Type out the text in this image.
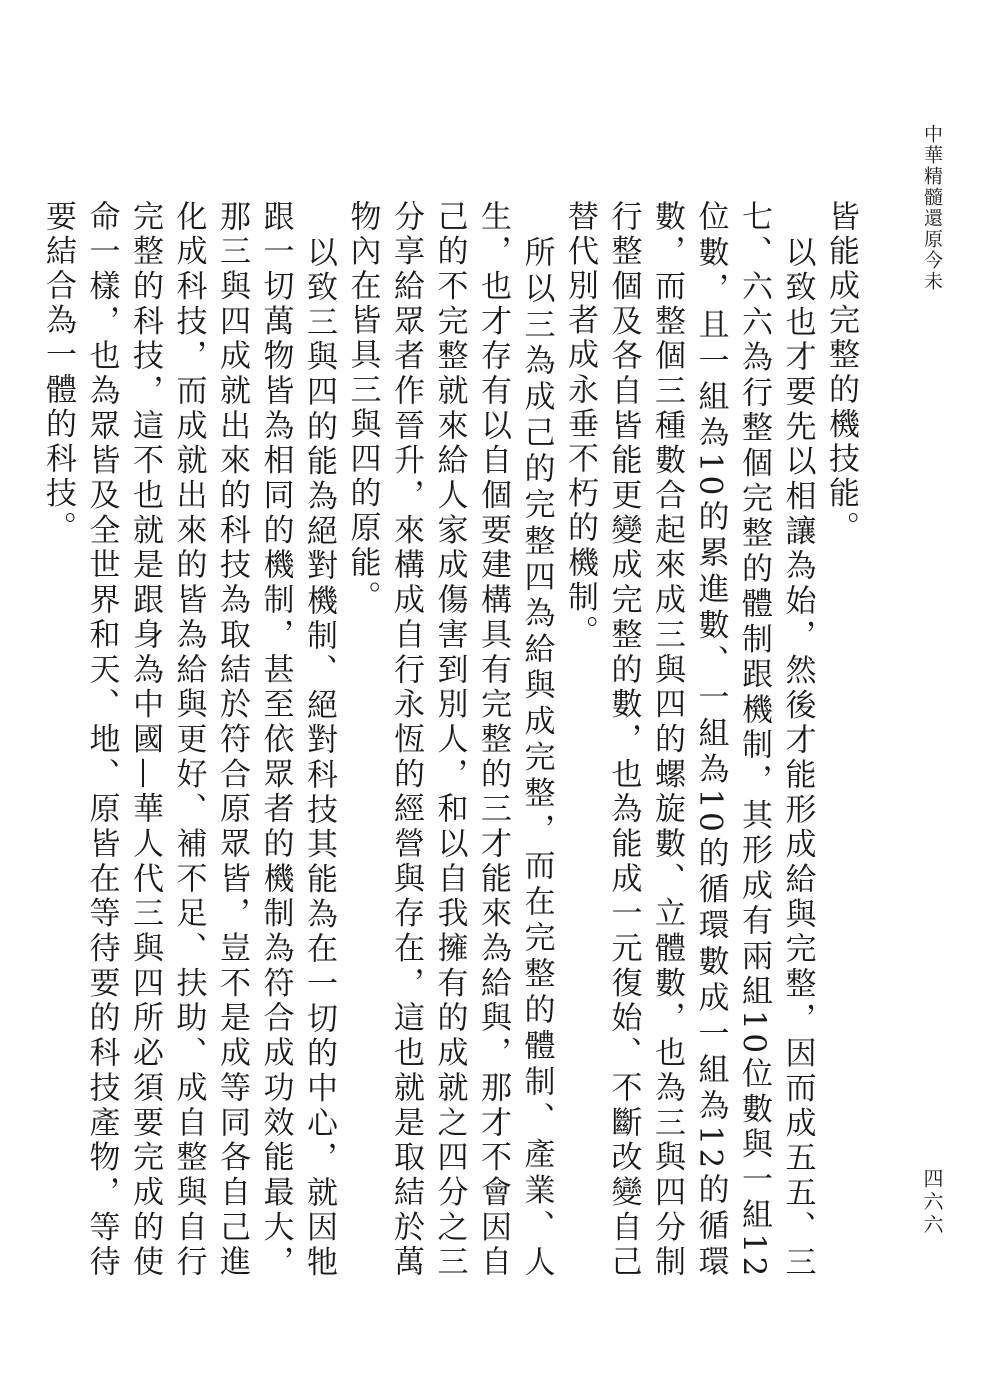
中華精髓還原今未

皆能成完整的機技能。

以致也才要先以相讓為始，然後才能形成給與完整，因而成五五、三七、六六為行整個完整的體制跟機制，其形成有兩組10位數與一組12位數，且一組為10的累進數、一組為10的循環數成一組為12的循環數，而整個三種數合起來成三與四的螺旋數、立體數，也為三與四分制行整個及各自皆能更變成完整的數，也為能成一元復始、不斷改變自己替代別者成永垂不朽的機制。

所以三為成己的完整四為給與成完整，而在完整的體制、產業、人生，也才存有以自個要建構具有完整的三才能來為給與，那才不會因自己的不完整就來給人家成傷害到別人，和以自我擁有的成就之四分之三分享給眾者作晉升，來構成自行永恆的經營與存在，這也就是取結於萬物內在皆具三與四的原能。

以致三與四的能為絕對機制、絕對科技其能為在一切的中心，就因牠跟一切萬物皆為相同的機制，甚至依眾者的機制為符合成功效能最大，那三與四成就出來的科技為取結於符合原眾皆，豈不是成等同各自己進化成科技，而成就出來的皆為給與更好、補不足、扶助、成自整與自行完整的科技，這不也就是跟身為中國—華人代三與四所必須要完成的使命一樣，也為眾皆及全世界和天、地、原皆在等待要的科技產物，等待要結合為一體的科技。

四六六
